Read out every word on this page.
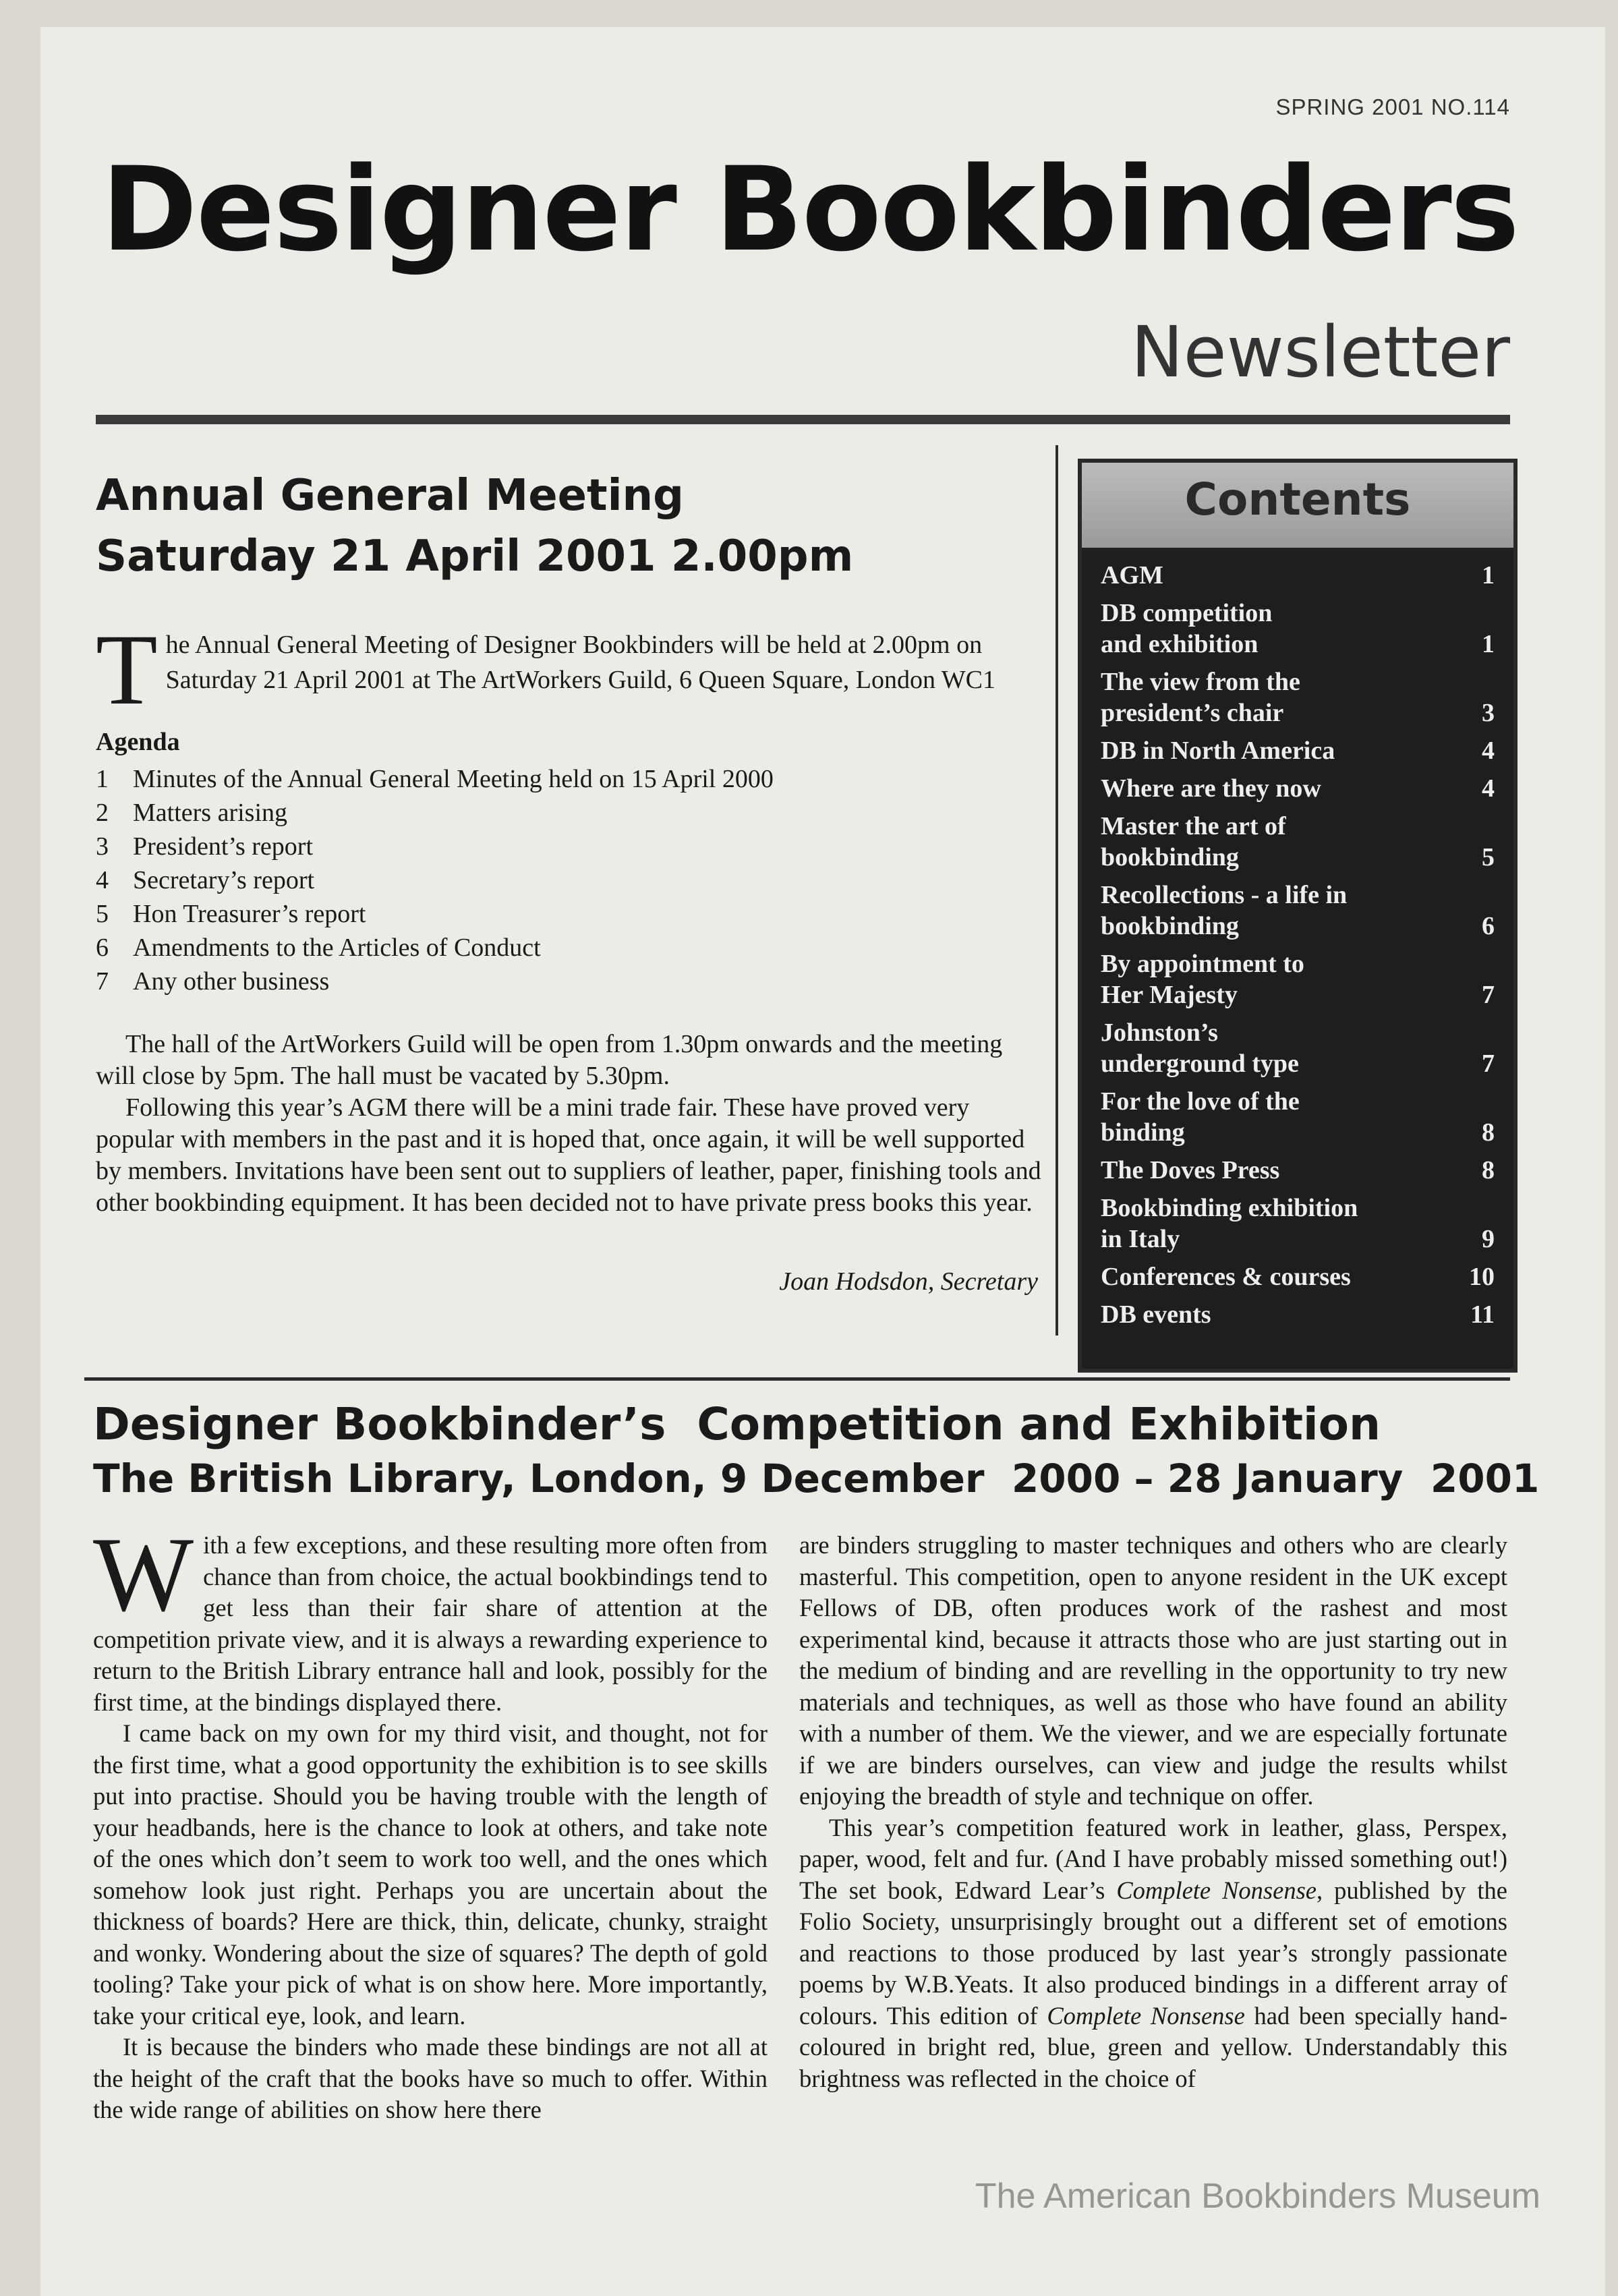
SPRING 2001 NO.114
Designer Bookbinders
Newsletter
Annual General Meeting
Saturday 21 April 2001 2.00pm
T he Annual General Meeting of Designer Bookbinders will be held at 2.00pm on Saturday 21 April 2001 at The ArtWorkers Guild, 6 Queen Square, London WC1
Agenda
1 Minutes of the Annual General Meeting held on 15 April 2000
2 Matters arising
3 President’s report
4 Secretary’s report
5 Hon Treasurer’s report
6 Amendments to the Articles of Conduct
7 Any other business

The hall of the ArtWorkers Guild will be open from 1.30pm onwards and the meeting will close by 5pm. The hall must be vacated by 5.30pm.

Following this year’s AGM there will be a mini trade fair. These have proved very popular with members in the past and it is hoped that, once again, it will be well supported by members. Invitations have been sent out to suppliers of leather, paper, finishing tools and other bookbinding equipment. It has been decided not to have private press books this year.

Joan Hodsdon, Secretary
Contents
AGM	1
DB competition
and exhibition	1
The view from the
president’s chair	3
DB in North America	4
Where are they now	4
Master the art of
bookbinding	5
Recollections - a life in
bookbinding	6
By appointment to
Her Majesty	7
Johnston’s
underground type	7
For the love of the
binding	8
The Doves Press	8
Bookbinding exhibition
in Italy	9
Conferences & courses	10
DB events	11
Designer Bookbinder’s  Competition and Exhibition
The British Library, London, 9 December  2000 – 28 January  2001

With a few exceptions, and these resulting more often from chance than from choice, the actual bookbindings tend to get less than their fair share of attention at the competition private view, and it is always a rewarding experience to return to the British Library entrance hall and look, possibly for the first time, at the bindings displayed there.

I came back on my own for my third visit, and thought, not for the first time, what a good opportunity the exhibition is to see skills put into practise. Should you be having trouble with the length of your headbands, here is the chance to look at others, and take note of the ones which don’t seem to work too well, and the ones which somehow look just right. Perhaps you are uncertain about the thickness of boards? Here are thick, thin, delicate, chunky, straight and wonky. Wondering about the size of squares? The depth of gold tooling? Take your pick of what is on show here. More importantly, take your critical eye, look, and learn.

It is because the binders who made these bindings are not all at the height of the craft that the books have so much to offer. Within the wide range of abilities on show here there

are binders struggling to master techniques and others who are clearly masterful. This competition, open to anyone resident in the UK except Fellows of DB, often produces work of the rashest and most experimental kind, because it attracts those who are just starting out in the medium of binding and are revelling in the opportunity to try new materials and techniques, as well as those who have found an ability with a number of them. We the viewer, and we are especially fortunate if we are binders ourselves, can view and judge the results whilst enjoying the breadth of style and technique on offer.

This year’s competition featured work in leather, glass, Perspex, paper, wood, felt and fur. (And I have probably missed something out!) The set book, Edward Lear’s Complete Nonsense, published by the Folio Society, unsurprisingly brought out a different set of emotions and reactions to those produced by last year’s strongly passionate poems by W.B.Yeats. It also produced bindings in a different array of colours. This edition of Complete Nonsense had been specially hand-coloured in bright red, blue, green and yellow. Understandably this brightness was reflected in the choice of

The American Bookbinders Museum
